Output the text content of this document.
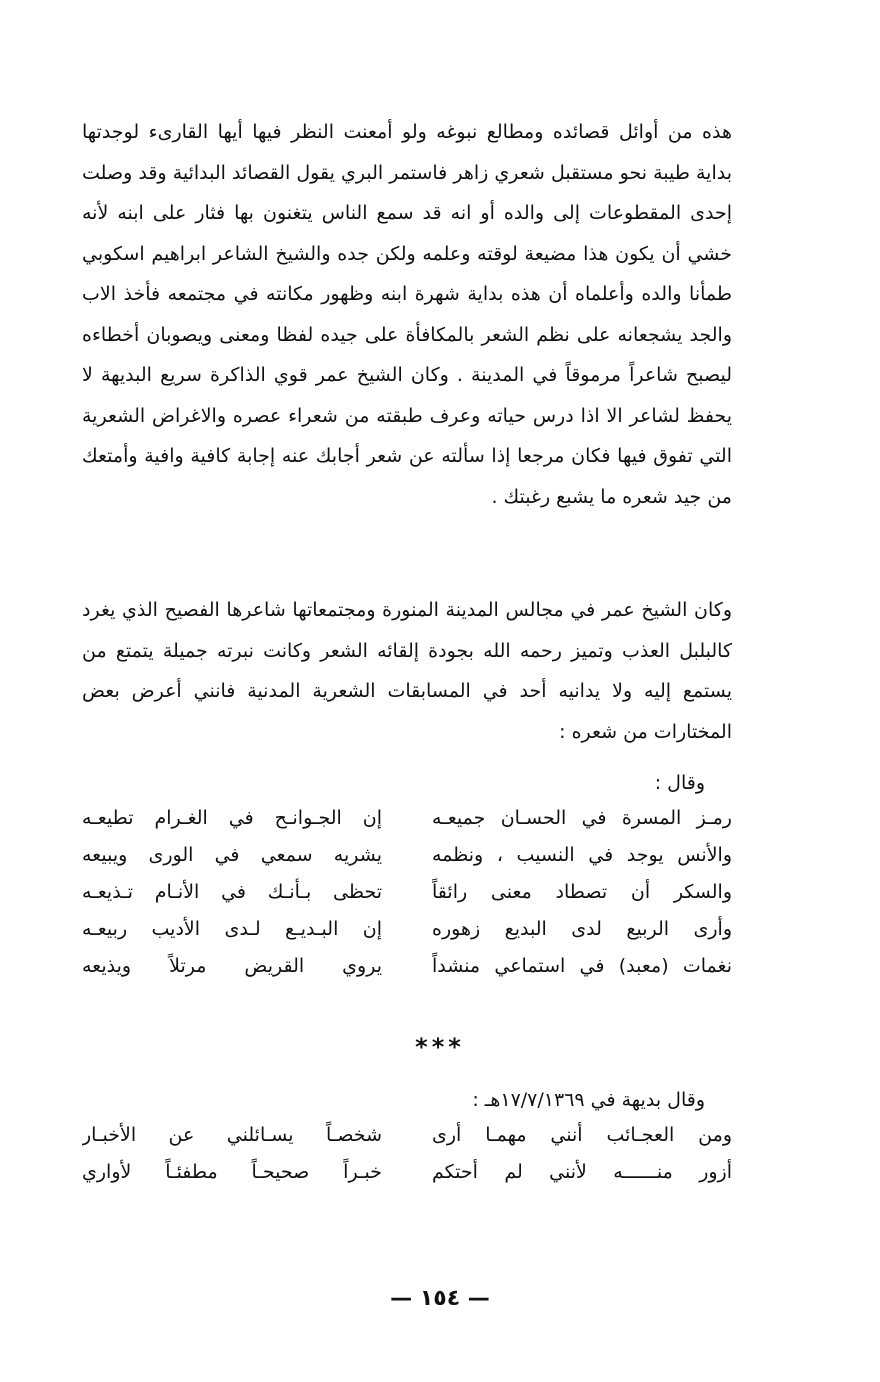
هذه من أوائل قصائده ومطالع نبوغه ولو أمعنت النظر فيها أيها القارىء لوجدتها بداية طيبة نحو مستقبل شعري زاهر فاستمر البري يقول القصائد البدائية وقد وصلت إحدى المقطوعات إلى والده أو انه قد سمع الناس يتغنون بها فثار على ابنه لأنه خشي أن يكون هذا مضيعة لوقته وعلمه ولكن جده والشيخ الشاعر ابراهيم اسكوبي طمأنا والده وأعلماه أن هذه بداية شهرة ابنه وظهور مكانته في مجتمعه فأخذ الاب والجد يشجعانه على نظم الشعر بالمكافأة على جيده لفظا ومعنى ويصوبان أخطاءه ليصبح شاعراً مرموقاً في المدينة . وكان الشيخ عمر قوي الذاكرة سريع البديهة لا يحفظ لشاعر الا اذا درس حياته وعرف طبقته من شعراء عصره والاغراض الشعرية التي تفوق فيها فكان مرجعا إذا سألته عن شعر أجابك عنه إجابة كافية وافية وأمتعك من جيد شعره ما يشبع رغبتك .

وكان الشيخ عمر في مجالس المدينة المنورة ومجتمعاتها شاعرها الفصيح الذي يغرد كالبلبل العذب وتميز رحمه الله بجودة إلقائه الشعر وكانت نبرته جميلة يتمتع من يستمع إليه ولا يدانيه أحد في المسابقات الشعرية المدنية فانني أعرض بعض المختارات من شعره :

وقال :

رمـز المسرة في الحسـان جميعـه
إن الجـوانـح في الغـرام تطيعـه
والأنس يوجد في النسيب ، ونظمه
يشريه سمعي في الورى ويبيعه
والسكر أن تصطاد معنى رائقاً
تحظى بـأنـك في الأنـام تـذيعـه
وأرى الربيع لدى البديع زهوره
إن البـديـع لـدى الأديب ربيعـه
نغمات (معبد) في استماعي منشداً
يروي القريض مرتلاً ويذيعه
***

وقال بديهة في ١٧/٧/١٣٦٩هـ :

ومن العجـائب أنني مهمـا أرى
شخصـاً يسـائلني عن الأخبـار
أزور منــــــه لأنني لم أحتكم
خبـراً صحيحـاً مطفئـاً لأواري
— ١٥٤ —
